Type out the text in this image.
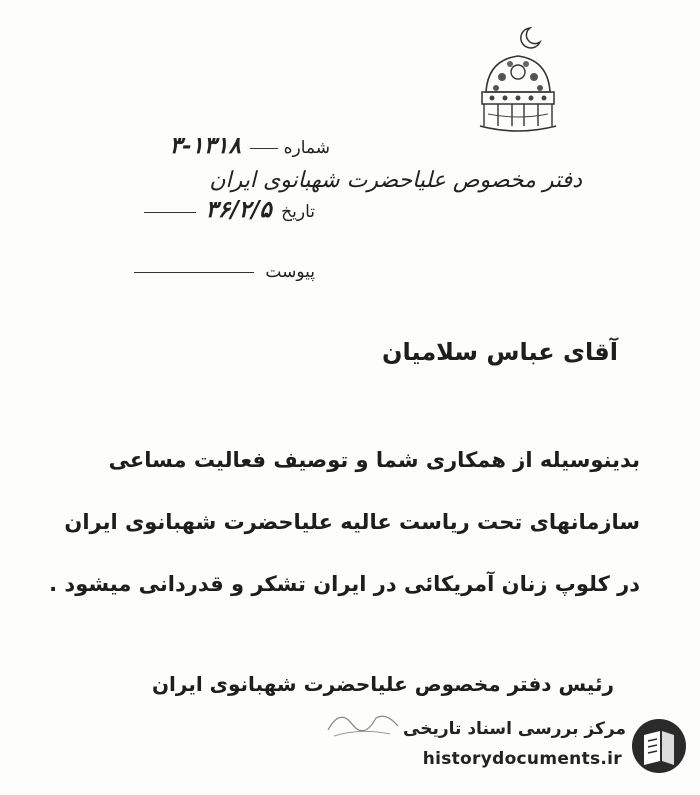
دفتر مخصوص علیاحضرت شهبانوی ایران
شماره  ۳-۱۳۱۸
تاریخ ۳۶/۲/۵
پیوست
آقای عباس سلامیان
بدینوسیله از همکاری شما و توصیف فعالیت مساعی
سازمانهای تحت ریاست عالیه علیاحضرت شهبانوی ایران
در کلوپ زنان آمریکائی در ایران تشکر و قدردانی میشود .
رئیس دفتر مخصوص علیاحضرت شهبانوی ایران
مرکز بررسی اسناد تاریخی
historydocuments.ir
